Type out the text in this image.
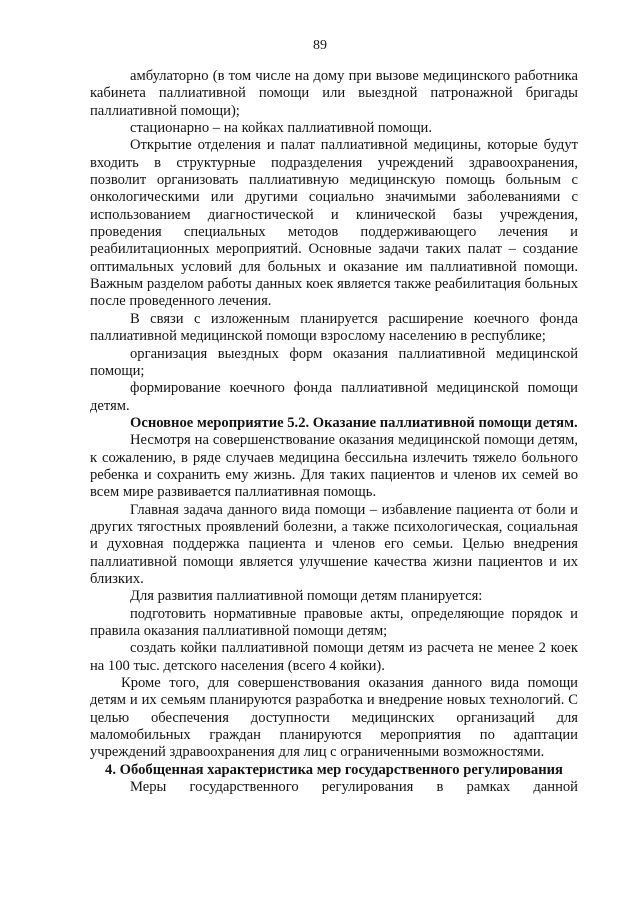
89

амбулаторно (в том числе на дому при вызове медицинского работника кабинета паллиативной помощи или выездной патронажной бригады паллиативной помощи);

стационарно – на койках паллиативной помощи.

Открытие отделения и палат паллиативной медицины, которые будут входить в структурные подразделения учреждений здравоохранения, позволит организовать паллиативную медицинскую помощь больным с онкологическими или другими социально значимыми заболеваниями с использованием диагностической и клинической базы учреждения, проведения специальных методов поддерживающего лечения и реабилитационных мероприятий. Основные задачи таких палат – создание оптимальных условий для больных и оказание им паллиативной помощи. Важным разделом работы данных коек является также реабилитация больных после проведенного лечения.

В связи с изложенным планируется расширение коечного фонда паллиативной медицинской помощи взрослому населению в республике;

организация выездных форм оказания паллиативной медицинской помощи;

формирование коечного фонда паллиативной медицинской помощи детям.

Основное мероприятие 5.2. Оказание паллиативной помощи детям.

Несмотря на совершенствование оказания медицинской помощи детям, к сожалению, в ряде случаев медицина бессильна излечить тяжело больного ребенка и сохранить ему жизнь. Для таких пациентов и членов их семей во всем мире развивается паллиативная помощь.

Главная задача данного вида помощи – избавление пациента от боли и других тягостных проявлений болезни, а также психологическая, социальная и духовная поддержка пациента и членов его семьи. Целью внедрения паллиативной помощи является улучшение качества жизни пациентов и их близких.

Для развития паллиативной помощи детям планируется:

подготовить нормативные правовые акты, определяющие порядок и правила оказания паллиативной помощи детям;

создать койки паллиативной помощи детям из расчета не менее 2 коек на 100 тыс. детского населения (всего 4 койки).

Кроме того, для совершенствования оказания данного вида помощи детям и их семьям планируются разработка и внедрение новых технологий. С целью обеспечения доступности медицинских организаций для маломобильных граждан планируются мероприятия по адаптации учреждений здравоохранения для лиц с ограниченными возможностями.

4. Обобщенная характеристика мер государственного регулирования

Меры государственного регулирования в рамках данной
